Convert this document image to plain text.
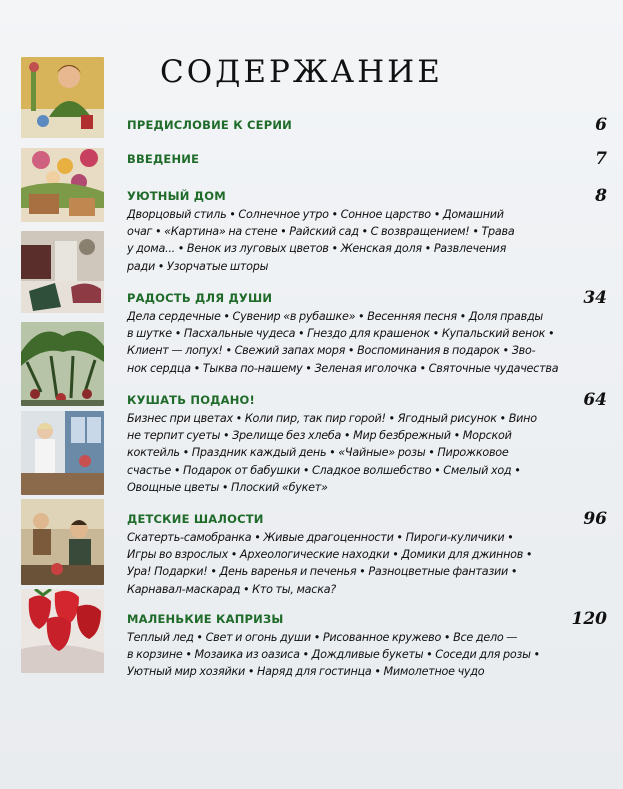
СОДЕРЖАНИЕ
ПРЕДИСЛОВИЕ К СЕРИИ	6
ВВЕДЕНИЕ	7
УЮТНЫЙ ДОМ	8

Дворцовый стиль • Солнечное утро • Сонное царство • Домашний
очаг • «Картина» на стене • Райский сад • С возвращением! • Трава
у дома... • Венок из луговых цветов • Женская доля • Развлечения
ради • Узорчатые шторы

РАДОСТЬ ДЛЯ ДУШИ	34

Дела сердечные • Сувенир «в рубашке» • Весенняя песня • Доля правды
в шутке • Пасхальные чудеса • Гнездо для крашенок • Купальский венок •
Клиент — лопух! • Свежий запах моря • Воспоминания в подарок • Зво-
нок сердца • Тыква по-нашему • Зеленая иголочка • Святочные чудачества

КУШАТЬ ПОДАНО!	64

Бизнес при цветах • Коли пир, так пир горой! • Ягодный рисунок • Вино
не терпит суеты • Зрелище без хлеба • Мир безбрежный • Морской
коктейль • Праздник каждый день • «Чайные» розы • Пирожковое
счастье • Подарок от бабушки • Сладкое волшебство • Смелый ход •
Овощные цветы • Плоский «букет»

ДЕТСКИЕ ШАЛОСТИ	96

Скатерть-самобранка • Живые драгоценности • Пироги-куличики •
Игры во взрослых • Археологические находки • Домики для джиннов •
Ура! Подарки! • День варенья и печенья • Разноцветные фантазии •
Карнавал-маскарад • Кто ты, маска?

МАЛЕНЬКИЕ КАПРИЗЫ	120

Теплый лед • Свет и огонь души • Рисованное кружево • Все дело —
в корзине • Мозаика из оазиса • Дождливые букеты • Соседи для розы •
Уютный мир хозяйки • Наряд для гостинца • Мимолетное чудо
